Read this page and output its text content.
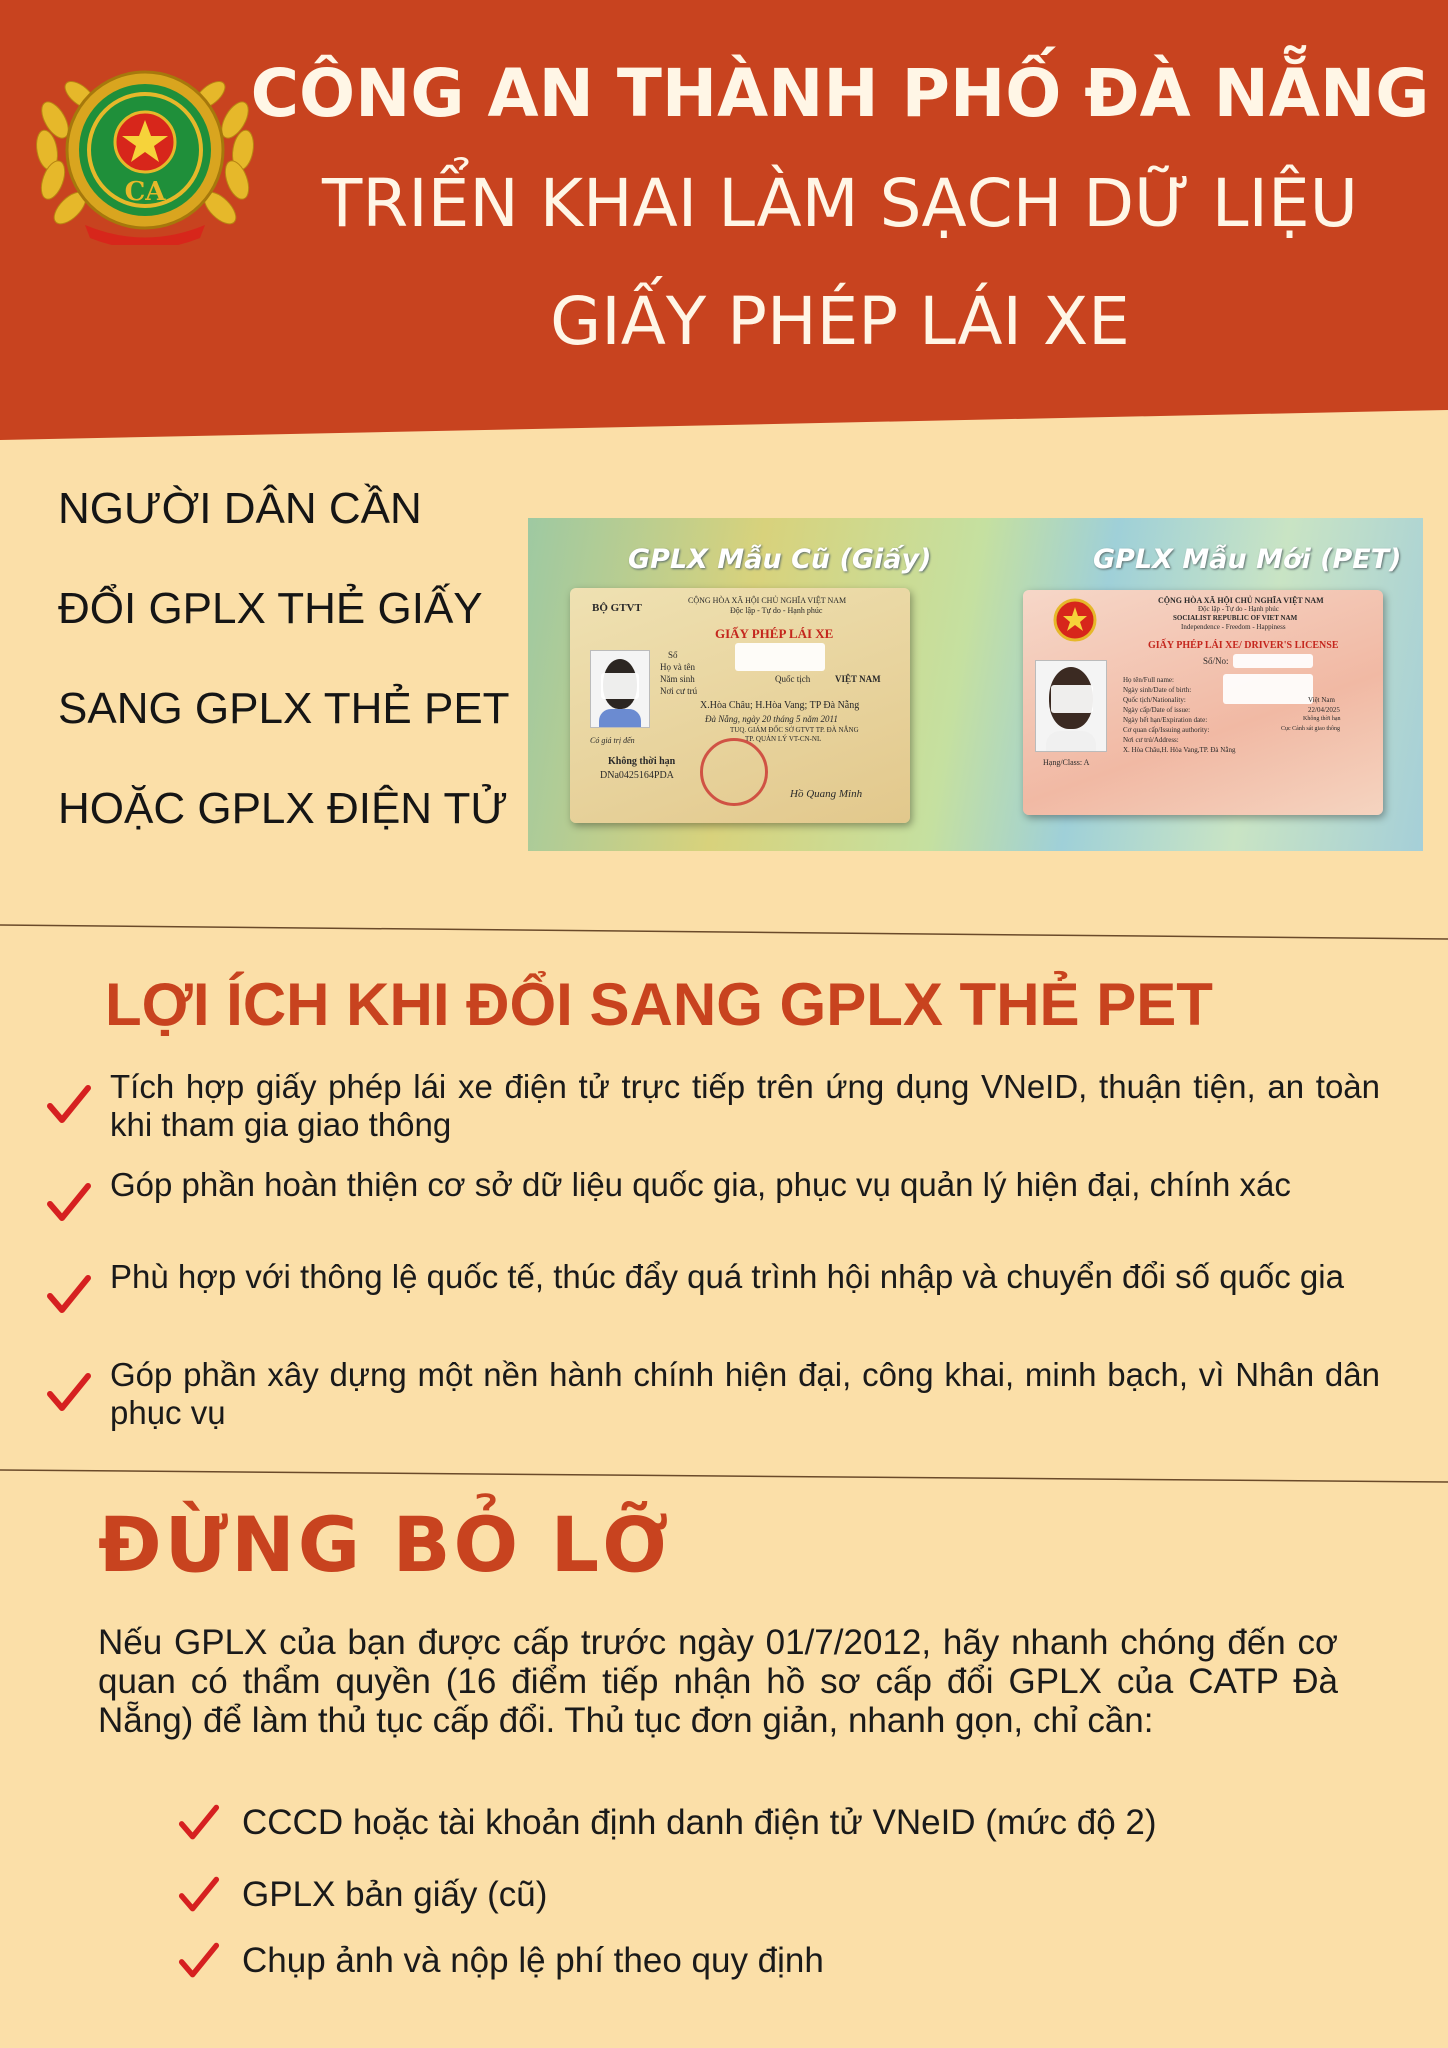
CA
CÔNG AN THÀNH PHỐ ĐÀ NẴNG
TRIỂN KHAI LÀM SẠCH DỮ LIỆU
GIẤY PHÉP LÁI XE

NGƯỜI DÂN CẦN

ĐỔI GPLX THẺ GIẤY

SANG GPLX THẺ PET

HOẶC GPLX ĐIỆN TỬ

GPLX Mẫu Cũ (Giấy)	GPLX Mẫu Mới (PET)
BỘ GTVT
CỘNG HÒA XÃ HỘI CHỦ NGHĨA VIỆT NAM
Độc lập - Tự do - Hạnh phúc
GIẤY PHÉP LÁI XE
Số
Họ và tên
Năm sinh	Quốc tịch	VIỆT NAM
Nơi cư trú
X.Hòa Châu; H.Hòa Vang; TP Đà Nẵng
Đà Nẵng, ngày 20 tháng 5 năm 2011
TUQ. GIÁM ĐỐC SỞ GTVT TP. ĐÀ NẴNG
TP. QUẢN LÝ VT-CN-NL
Có giá trị đến
Không thời hạn
DNa0425164PDA
Hồ Quang Minh
CỘNG HÒA XÃ HỘI CHỦ NGHĨA VIỆT NAM
Độc lập - Tự do - Hạnh phúc
SOCIALIST REPUBLIC OF VIET NAM
Independence - Freedom - Happiness
GIẤY PHÉP LÁI XE/ DRIVER'S LICENSE
Số/No:
Họ tên/Full name:
Ngày sinh/Date of birth:
Quốc tịch/Nationality:	Việt Nam
Ngày cấp/Date of issue:	22/04/2025
Ngày hết hạn/Expiration date:	Không thời hạn
Cơ quan cấp/Issuing authority:	Cục Cảnh sát giao thông
Nơi cư trú/Address:
X. Hòa Châu,H. Hòa Vang,TP. Đà Nẵng
Hạng/Class: A
LỢI ÍCH KHI ĐỔI SANG GPLX THẺ PET
Tích hợp giấy phép lái xe điện tử trực tiếp trên ứng dụng VNeID, thuận tiện, an toàn khi tham gia giao thông
Góp phần hoàn thiện cơ sở dữ liệu quốc gia, phục vụ quản lý hiện đại, chính xác
Phù hợp với thông lệ quốc tế, thúc đẩy quá trình hội nhập và chuyển đổi số quốc gia
Góp phần xây dựng một nền hành chính hiện đại, công khai, minh bạch, vì Nhân dân phục vụ
ĐỪNG BỎ LỠ

Nếu GPLX của bạn được cấp trước ngày 01/7/2012, hãy nhanh chóng đến cơ quan có thẩm quyền (16 điểm tiếp nhận hồ sơ cấp đổi GPLX của CATP Đà Nẵng) để làm thủ tục cấp đổi. Thủ tục đơn giản, nhanh gọn, chỉ cần:

CCCD hoặc tài khoản định danh điện tử VNeID (mức độ 2)
GPLX bản giấy (cũ)
Chụp ảnh và nộp lệ phí theo quy định
